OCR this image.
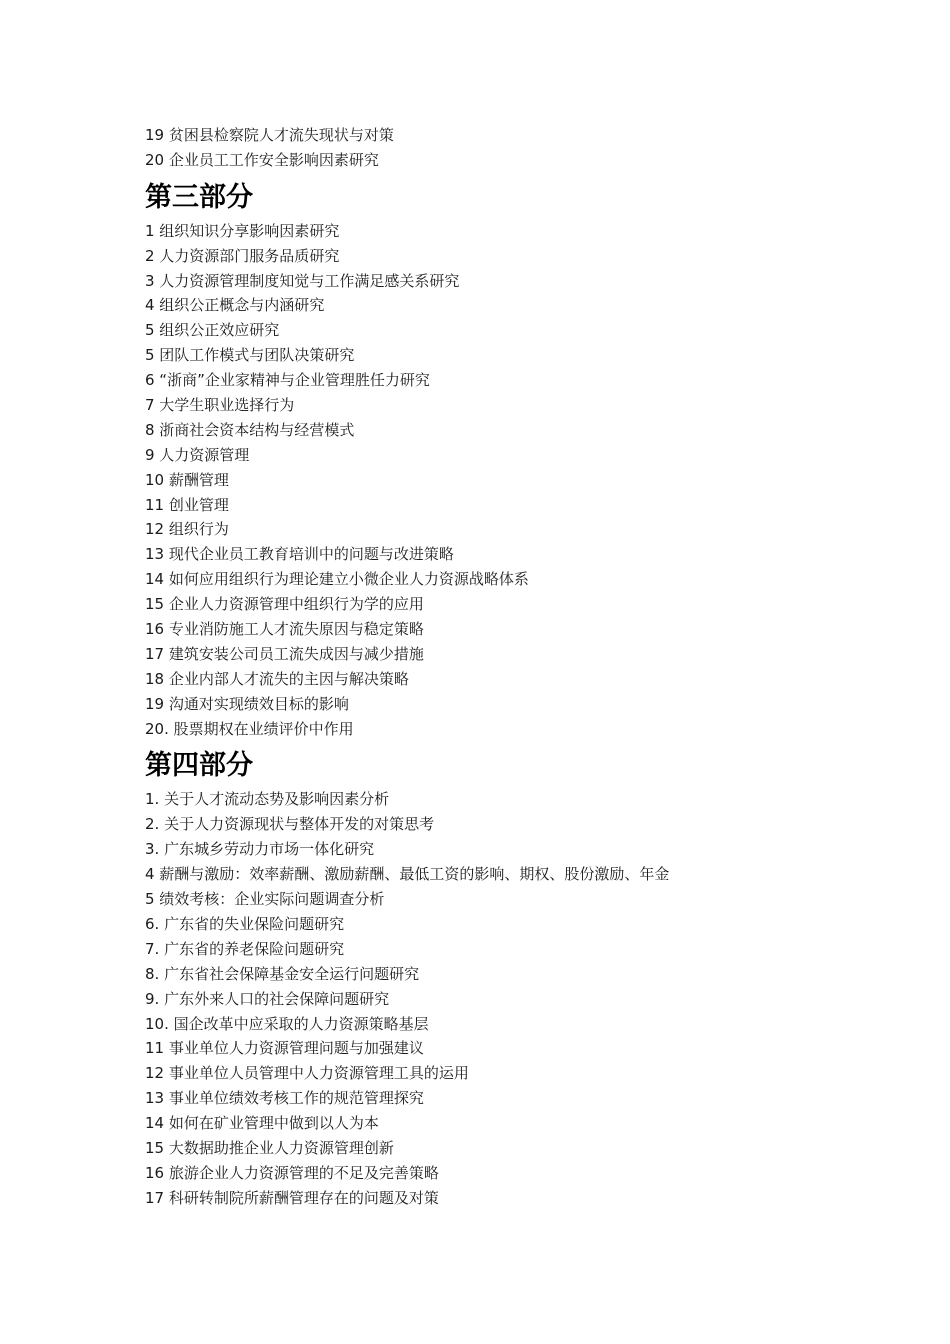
19 贫困县检察院人才流失现状与对策
20 企业员工工作安全影响因素研究
第三部分
1 组织知识分享影响因素研究
2 人力资源部门服务品质研究
3 人力资源管理制度知觉与工作满足感关系研究
4 组织公正概念与内涵研究
5 组织公正效应研究
5 团队工作模式与团队决策研究
6 “浙商”企业家精神与企业管理胜任力研究
7 大学生职业选择行为
8 浙商社会资本结构与经营模式
9 人力资源管理
10 薪酬管理
11 创业管理
12 组织行为
13 现代企业员工教育培训中的问题与改进策略
14 如何应用组织行为理论建立小微企业人力资源战略体系
15 企业人力资源管理中组织行为学的应用
16 专业消防施工人才流失原因与稳定策略
17 建筑安装公司员工流失成因与减少措施
18 企业内部人才流失的主因与解决策略
19 沟通对实现绩效目标的影响
20. 股票期权在业绩评价中作用
第四部分
1. 关于人才流动态势及影响因素分析
2. 关于人力资源现状与整体开发的对策思考
3. 广东城乡劳动力市场一体化研究
4 薪酬与激励：效率薪酬、激励薪酬、最低工资的影响、期权、股份激励、年金
5 绩效考核：企业实际问题调查分析
6. 广东省的失业保险问题研究
7. 广东省的养老保险问题研究
8. 广东省社会保障基金安全运行问题研究
9. 广东外来人口的社会保障问题研究
10. 国企改革中应采取的人力资源策略基层
11 事业单位人力资源管理问题与加强建议
12 事业单位人员管理中人力资源管理工具的运用
13 事业单位绩效考核工作的规范管理探究
14 如何在矿业管理中做到以人为本
15 大数据助推企业人力资源管理创新
16 旅游企业人力资源管理的不足及完善策略
17 科研转制院所薪酬管理存在的问题及对策
